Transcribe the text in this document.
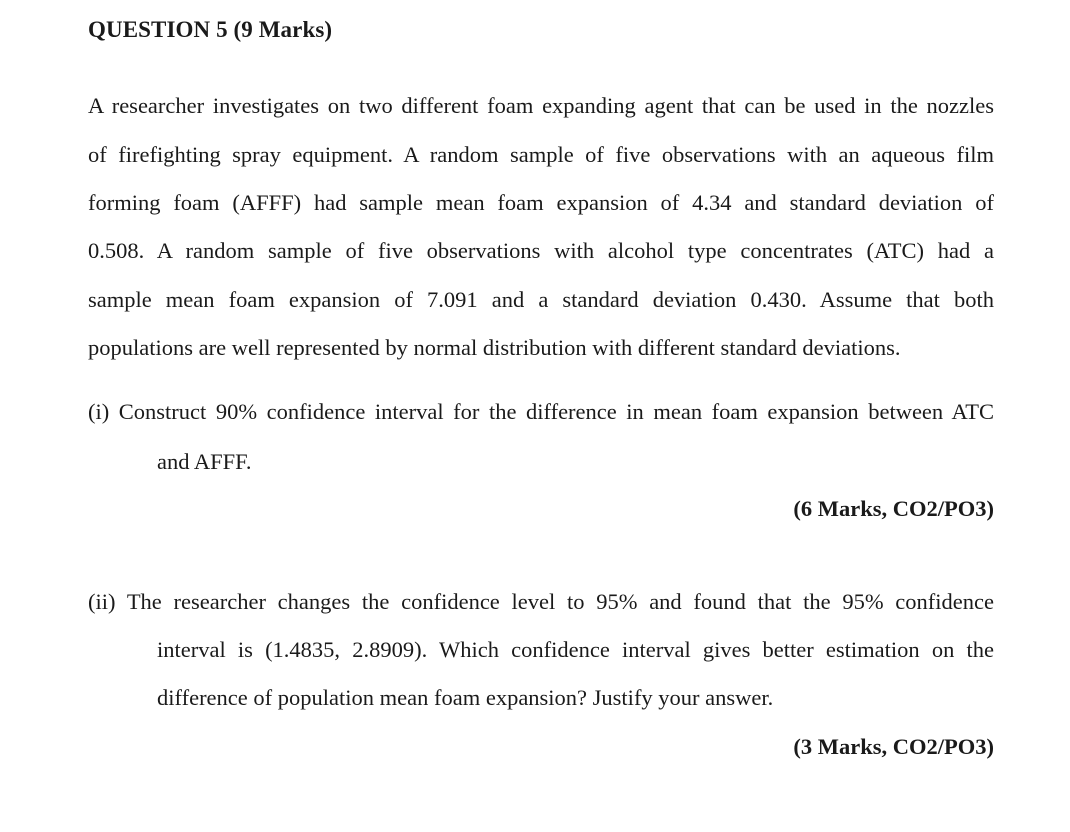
QUESTION 5 (9 Marks)
A researcher investigates on two different foam expanding agent that can be used in the nozzles
of firefighting spray equipment. A random sample of five observations with an aqueous film
forming foam (AFFF) had sample mean foam expansion of 4.34 and standard deviation of
0.508. A random sample of five observations with alcohol type concentrates (ATC) had a
sample mean foam expansion of 7.091 and a standard deviation 0.430. Assume that both
populations are well represented by normal distribution with different standard deviations.
(i) Construct 90% confidence interval for the difference in mean foam expansion between ATC
and AFFF.
(6 Marks, CO2/PO3)
(ii) The researcher changes the confidence level to 95% and found that the 95% confidence
interval is (1.4835, 2.8909). Which confidence interval gives better estimation on the
difference of population mean foam expansion? Justify your answer.
(3 Marks, CO2/PO3)
